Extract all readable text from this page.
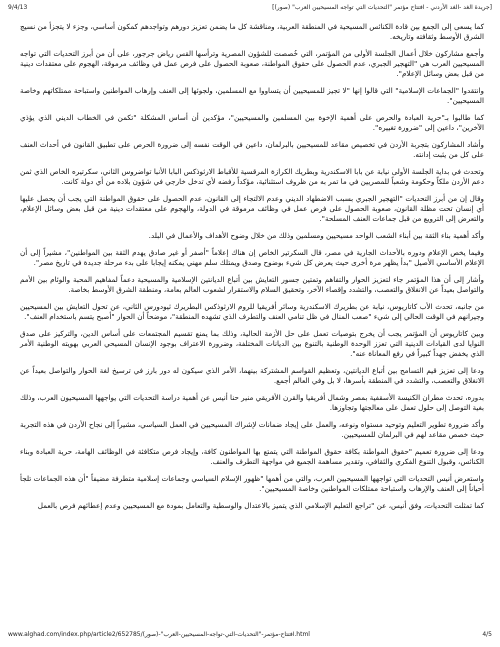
9/4/13	[جريدة الغد -الغد الأردني - افتتاح مؤتمر "التحديات التي تواجه المسيحيين العرب" (صور)]

كما يسعى إلى الجمع بين قادة الكنائس المسيحية في المنطقة العربية، ومناقشة كل ما يضمن تعزيز دورهم وتواجدهم كمكون أساسي، وجزء لا يتجزأ من نسيج الشرق الأوسط وثقافته وتاريخه.

وأجمع مشاركون خلال أعمال الجلسة الأولى من المؤتمر، التي خُصصت للشؤون المصرية وترأسها القس رياض جرجور، على أن من أبرز التحديات التي تواجه المسيحيين العرب هي "التهجير الجبري، عدم الحصول على حقوق المواطنة، صعوبة الحصول على فرص عمل في وظائف مرموقة، الهجوم على معتقدات دينية من قبل بعض وسائل الإعلام".

وانتقدوا "الجماعات الإسلامية" التي قالوا إنها "لا تجيز للمسيحيين أن يتساووا مع المسلمين، ولجوئها إلى العنف وإرهاب المواطنين واستباحة ممتلكاتهم وخاصة المسيحيين".

كما طالبوا بـ"حرية العبادة والحرص على أهمية الإخوة بين المسلمين والمسيحيين"، مؤكدين أن أساس المشكلة "تكمن في الخطاب الديني الذي يؤذي الآخرين"، داعين إلى "ضرورة تغييره".

وأشاد المشاركون بتجربة الأردن في تخصيص مقاعد للمسيحيين بالبرلمان، داعين في الوقت نفسه إلى ضرورة الحرص على تطبيق القانون في أحداث العنف على كل من يثبت إدانته.

وتحدث في بداية الجلسة الأولى نيابة عن بابا الاسكندرية وبطريك الكرازة المرقسية للأقباط الارثوذكس البابا الأنبا تواضروس الثاني، سكرتيره الخاص الذي ثمن دعم الأردن ملكاً وحكومة وشعباً للمصريين في ما تمر به من ظروف استثنائية، مؤكداً رفضه لأي تدخل خارجي في شؤون بلاده من أي دولة كانت.

وقال إن من أبرز التحديات "التهجير الجبري بسبب الاضطهاد الديني وعدم الالتجاء إلى القانون، عدم الحصول على حقوق المواطنة التي يجب أن يحصل عليها أي إنسان تحت مظلة القانون، صعوبة الحصول على فرص عمل في وظائف مرموقة في الدولة، والهجوم على معتقدات دينية من قبل بعض وسائل الإعلام، والتعرض إلى الترويع من قبل جماعات العنف المسلحة".

وأكد أهمية بناء الثقة بين أبناء الشعب الواحد مسيحيين ومسلمين وذلك من خلال وضوح الأهداف والأعمال في البلد.

وفيما يخص الإعلام ودوره بالأحداث الجارية في مصر، قال السكرتير الخاص إن هناك إعلاماً "أصفر أو غير صادق يهدم الثقة بين المواطنين"، مشيراً إلى أن الإعلام الأساسي الأصيل "بدأ يظهر مرة أخرى حيث يعرض كل شيء بوضوح وصدق ويمتلك سلم مهني يمكنه إيجابا على بدء مرحلة جديدة في تاريخ مصر".

وأشار إلى أن هذا المؤتمر جاء لتعزيز الحوار والتفاهم وتمتين جسور التعايش بين أتباع الديانتين الإسلامية والمسيحية دعماً لمفاهيم المحبة والوئام بين الأمم والتواصل بعيداً عن الانغلاق والتعصب، والتشدد وإقصاء الآخر، وتحقيق السلام والاستقرار لشعوب العالم بعامة، ومنطقة الشرق الأوسط بخاصة.

من جانبه، تحدث الأب كاتاريوس، نيابة عن بطريرك الاسكندرية وسائر أفريقيا للروم الارثوذكس البطريرك ثيودورس الثاني، عن تحول التعايش بين المسيحيين وجيرانهم في الوقت الحالي إلى شيء "صعب المنال في ظل تنامي العنف والتطرف الذي تشهده المنطقة"، موضحاً أن الحوار "أصبح يتسم باستخدام العنف".

وبين كاتاريوس أن المؤتمر يجب أن يخرج بتوصيات تعمل على حل الأزمة الحالية، وذلك بما يمنع تقسيم المجتمعات على أساس الدين، والتركيز على صدق النوايا لدى القيادات الدينية التي تعزز الوحدة الوطنية بالتنوع بين الديانات المختلفة، وضرورة الاعتراف بوجود الإنسان المسيحي العربي بهويته الوطنية الأمر الذي يخفض جهداً كبيراً في رفع المعاناة عنه".

ودعا إلى تعزيز قيم التسامح بين أتباع الديانتين، وتعظيم القواسم المشتركة بينهما، الأمر الذي سيكون له دور بارز في ترسيخ لغة الحوار والتواصل بعيداً عن الانغلاق والتعصب، والتشدد في المنطقة بأسرها، لا بل وفي العالم أجمع.

بدوره، تحدث مطران الكنيسة الأسقفية بمصر وشمال أفريقيا والقرن الأفريقي منير حنا أنيس عن أهمية دراسة التحديات التي يواجهها المسيحيون العرب، وذلك بغية التوصل إلى حلول تعمل على معالجتها وتجاوزها.

وأكد ضرورة تطوير التعليم وتوحيد مستواه ونوعه، والعمل على إيجاد ضمانات لإشراك المسيحيين في العمل السياسي، مشيراً إلى نجاح الأردن في هذه التجربة حيث خصص مقاعد لهم في البرلمان للمسيحيين.

ودعا إلى ضرورة تعميم "حقوق المواطنة بكافة حقوق المواطنة التي يتمتع بها المواطنون كافة، وإيجاد فرص متكافئة في الوظائف الهامة، حرية العبادة وبناء الكنائس، وقبول التنوع الفكري والثقافي، وتقدير مساهمة الجميع في مواجهة التطرف والعنف.

واستعرض أنيس التحديات التي تواجهها المسيحيين العرب، والتي من أهمها "ظهور الإسلام السياسي وجماعات إسلامية متطرفة مضيفاً "أن هذه الجماعات تلجأ أحياناً إلى العنف والإرهاب واستباحة ممتلكات المواطنين وخاصة المسيحيين".

كما تمثلت التحديات، وفق أنيس، عن "تراجع التعليم الإسلامي الذي يتميز بالاعتدال والوسطية والتعامل بمودة مع المسيحيين وعدم إعطائهم فرص بالعمل

www.alghad.com/index.php/article2/652785/افتتاح-مؤتمر-"التحديات-التي-تواجه-المسيحيين-العرب"-(صور).html	4/5
